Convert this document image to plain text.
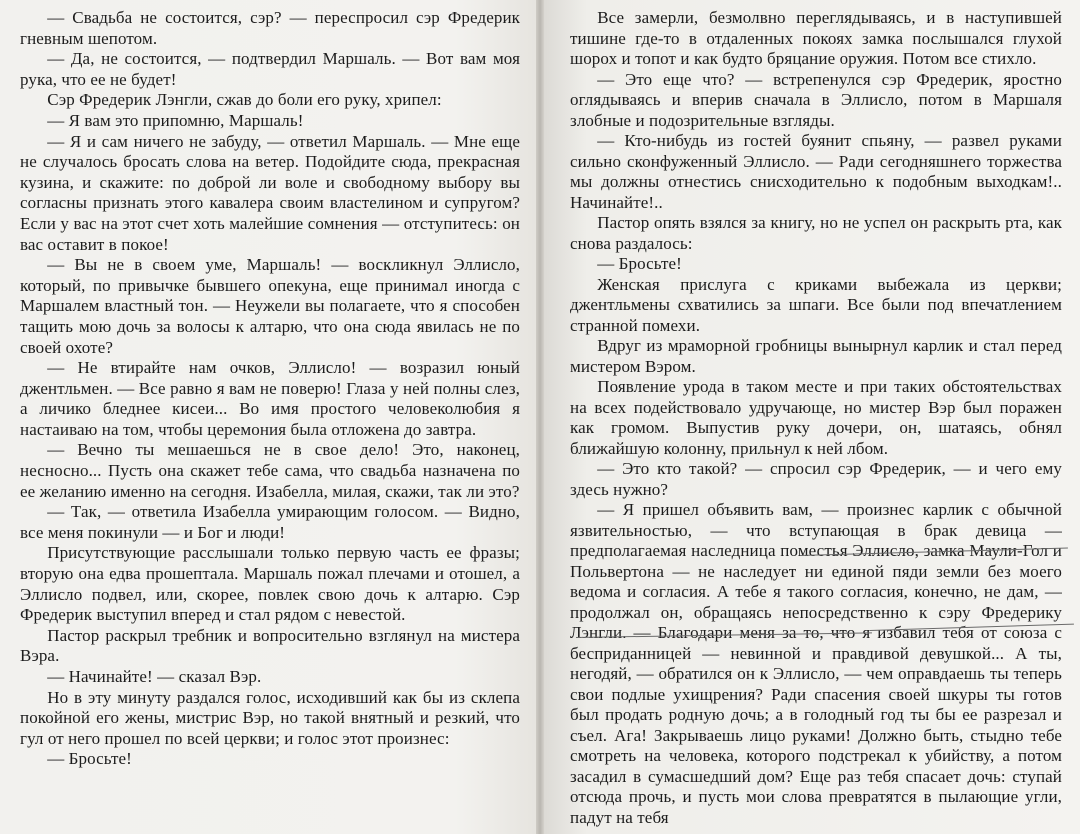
— Свадьба не состоится, сэр? — переспросил сэр Фредерик гневным шепотом.

— Да, не состоится, — подтвердил Маршаль. — Вот вам моя рука, что ее не будет!

Сэр Фредерик Лэнгли, сжав до боли его руку, хрипел:

— Я вам это припомню, Маршаль!

— Я и сам ничего не забуду, — ответил Маршаль. — Мне еще не случалось бросать слова на ветер. Подойдите сюда, прекрасная кузина, и скажите: по доброй ли воле и свободному выбору вы согласны признать этого кавалера своим властелином и супругом? Если у вас на этот счет хоть малейшие сомнения — отступитесь: он вас оставит в покое!

— Вы не в своем уме, Маршаль! — воскликнул Эллисло, который, по привычке бывшего опекуна, еще принимал иногда с Маршалем властный тон. — Неужели вы полагаете, что я способен тащить мою дочь за волосы к алтарю, что она сюда явилась не по своей охоте?

— Не втирайте нам очков, Эллисло! — возразил юный джентльмен. — Все равно я вам не поверю! Глаза у ней полны слез, а личико бледнее кисеи... Во имя простого человеколюбия я настаиваю на том, чтобы церемония была отложена до завтра.

— Вечно ты мешаешься не в свое дело! Это, наконец, несносно... Пусть она скажет тебе сама, что свадьба назначена по ее желанию именно на сегодня. Изабелла, милая, скажи, так ли это?

— Так, — ответила Изабелла умирающим голосом. — Видно, все меня покинули — и Бог и люди!

Присутствующие расслышали только первую часть ее фразы; вторую она едва прошептала. Маршаль пожал плечами и отошел, а Эллисло подвел, или, скорее, повлек свою дочь к алтарю. Сэр Фредерик выступил вперед и стал рядом с невестой.

Пастор раскрыл требник и вопросительно взглянул на мистера Вэра.

— Начинайте! — сказал Вэр.

Но в эту минуту раздался голос, исходивший как бы из склепа покойной его жены, мистрис Вэр, но такой внятный и резкий, что гул от него прошел по всей церкви; и голос этот произнес:

— Бросьте!

Все замерли, безмолвно переглядываясь, и в наступившей тишине где-то в отдаленных покоях замка послышался глухой шорох и топот и как будто бряцание оружия. Потом все стихло.

— Это еще что? — встрепенулся сэр Фредерик, яростно оглядываясь и вперив сначала в Эллисло, потом в Маршаля злобные и подозрительные взгляды.

— Кто-нибудь из гостей буянит спьяну, — развел руками сильно сконфуженный Эллисло. — Ради сегодняшнего торжества мы должны отнестись снисходительно к подобным выходкам!.. Начинайте!..

Пастор опять взялся за книгу, но не успел он раскрыть рта, как снова раздалось:

— Бросьте!

Женская прислуга с криками выбежала из церкви; джентльмены схватились за шпаги. Все были под впечатлением странной помехи.

Вдруг из мраморной гробницы вынырнул карлик и стал перед мистером Вэром.

Появление урода в таком месте и при таких обстоятельствах на всех подействовало удручающе, но мистер Вэр был поражен как громом. Выпустив руку дочери, он, шатаясь, обнял ближайшую колонну, прильнул к ней лбом.

— Это кто такой? — спросил сэр Фредерик, — и чего ему здесь нужно?

— Я пришел объявить вам, — произнес карлик с обычной язвительностью, — что вступающая в брак девица — предполагаемая наследница поместья Эллисло, замка Маули-Гол и Польвертона — не наследует ни единой пяди земли без моего ведома и согласия. А тебе я такого согласия, конечно, не дам, — продолжал он, обращаясь непосредственно к сэру Фредерику Лэнгли. — Благодари меня за то, что я избавил тебя от союза с бесприданницей — невинной и правдивой девушкой... А ты, негодяй, — обратился он к Эллисло, — чем оправдаешь ты теперь свои подлые ухищрения? Ради спасения своей шкуры ты готов был продать родную дочь; а в голодный год ты бы ее разрезал и съел. Ага! Закрываешь лицо руками! Должно быть, стыдно тебе смотреть на человека, которого подстрекал к убийству, а потом засадил в сумасшедший дом? Еще раз тебя спасает дочь: ступай отсюда прочь, и пусть мои слова превратятся в пылающие угли, падут на тебя
